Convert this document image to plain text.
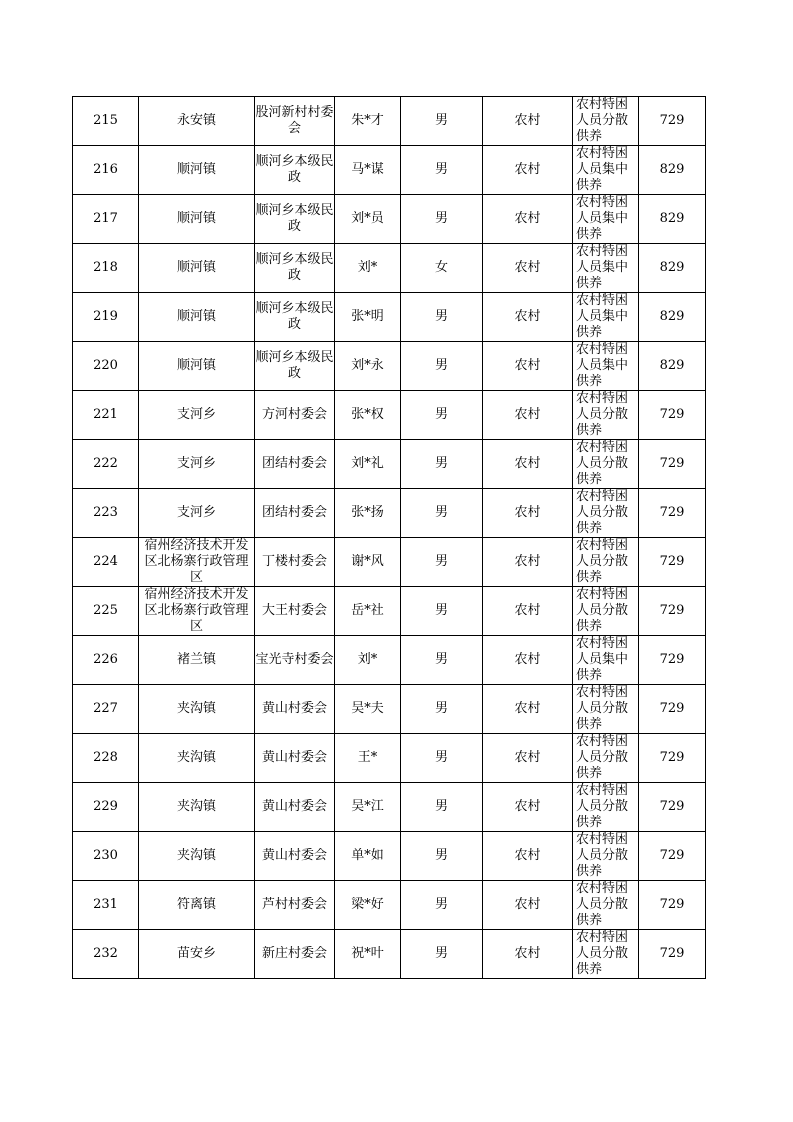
215	永安镇	股河新村村委会	朱*才	男	农村	农村特困人员分散供养	729

216	顺河镇	顺河乡本级民政	马*谋	男	农村	农村特困人员集中供养	829

217	顺河镇	顺河乡本级民政	刘*员	男	农村	农村特困人员集中供养	829

218	顺河镇	顺河乡本级民政	刘*	女	农村	农村特困人员集中供养	829

219	顺河镇	顺河乡本级民政	张*明	男	农村	农村特困人员集中供养	829

220	顺河镇	顺河乡本级民政	刘*永	男	农村	农村特困人员集中供养	829

221	支河乡	方河村委会	张*权	男	农村	农村特困人员分散供养	729

222	支河乡	团结村委会	刘*礼	男	农村	农村特困人员分散供养	729

223	支河乡	团结村委会	张*扬	男	农村	农村特困人员分散供养	729

224	宿州经济技术开发区北杨寨行政管理区	丁楼村委会	谢*风	男	农村	农村特困人员分散供养	729

225	宿州经济技术开发区北杨寨行政管理区	大王村委会	岳*社	男	农村	农村特困人员分散供养	729

226	褚兰镇	宝光寺村委会	刘*	男	农村	农村特困人员集中供养	729

227	夹沟镇	黄山村委会	吴*夫	男	农村	农村特困人员分散供养	729

228	夹沟镇	黄山村委会	王*	男	农村	农村特困人员分散供养	729

229	夹沟镇	黄山村委会	吴*江	男	农村	农村特困人员分散供养	729

230	夹沟镇	黄山村委会	单*如	男	农村	农村特困人员分散供养	729

231	符离镇	芦村村委会	梁*好	男	农村	农村特困人员分散供养	729

232	苗安乡	新庄村委会	祝*叶	男	农村	农村特困人员分散供养	729
